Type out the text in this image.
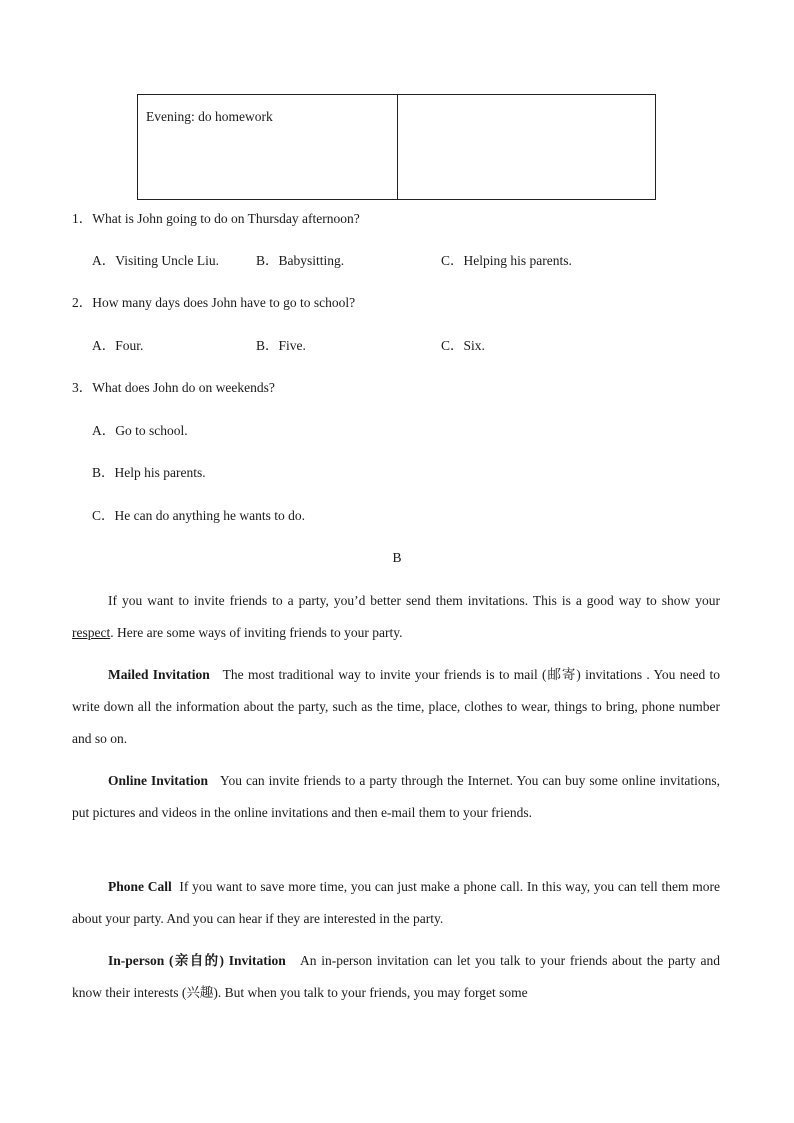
Evening: do homework
1．What is John going to do on Thursday afternoon?
A．Visiting Uncle Liu.	B．Babysitting.	C．Helping his parents.
2．How many days does John have to go to school?
A．Four.	B．Five.	C．Six.
3．What does John do on weekends?
A．Go to school.
B．Help his parents.
C．He can do anything he wants to do.
B

If you want to invite friends to a party, you’d better send them invitations. This is a good way to show your respect. Here are some ways of inviting friends to your party.

Mailed Invitation The most traditional way to invite your friends is to mail (邮寄) invitations . You need to write down all the information about the party, such as the time, place, clothes to wear, things to bring, phone number and so on.

Online Invitation You can invite friends to a party through the Internet. You can buy some online invitations, put pictures and videos in the online invitations and then e-mail them to your friends.

Phone Call If you want to save more time, you can just make a phone call. In this way, you can tell them more about your party. And you can hear if they are interested in the party.

In-person (亲自的) Invitation An in-person invitation can let you talk to your friends about the party and know their interests (兴趣). But when you talk to your friends, you may forget some
